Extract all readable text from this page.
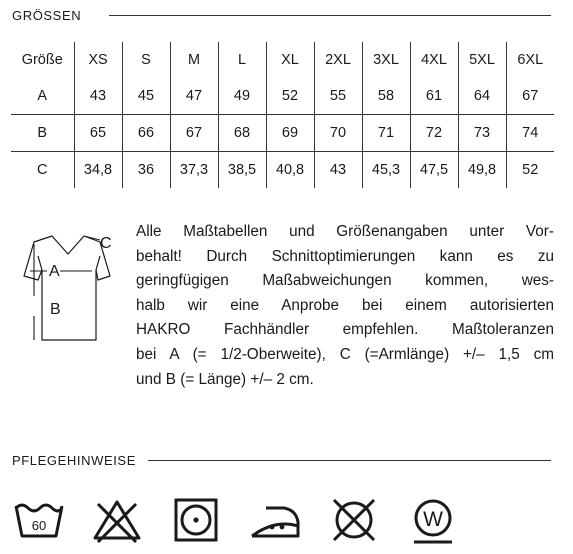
GRÖSSEN
Größe	XS	S	M	L	XL	2XL	3XL	4XL	5XL	6XL
A	43	45	47	49	52	55	58	61	64	67
B	65	66	67	68	69	70	71	72	73	74
C	34,8	36	37,3	38,5	40,8	43	45,3	47,5	49,8	52
A
B
C
Alle Maßtabellen und Größenangaben unter Vor-
behalt! Durch Schnittoptimierungen kann es zu
geringfügigen Maßabweichungen kommen, wes-
halb wir eine Anprobe bei einem autorisierten
HAKRO Fachhändler empfehlen. Maßtoleranzen
bei A (= 1/2-Oberweite), C (=Armlänge) +/– 1,5 cm
und B (= Länge) +/– 2 cm.
PFLEGEHINWEISE
60	W
